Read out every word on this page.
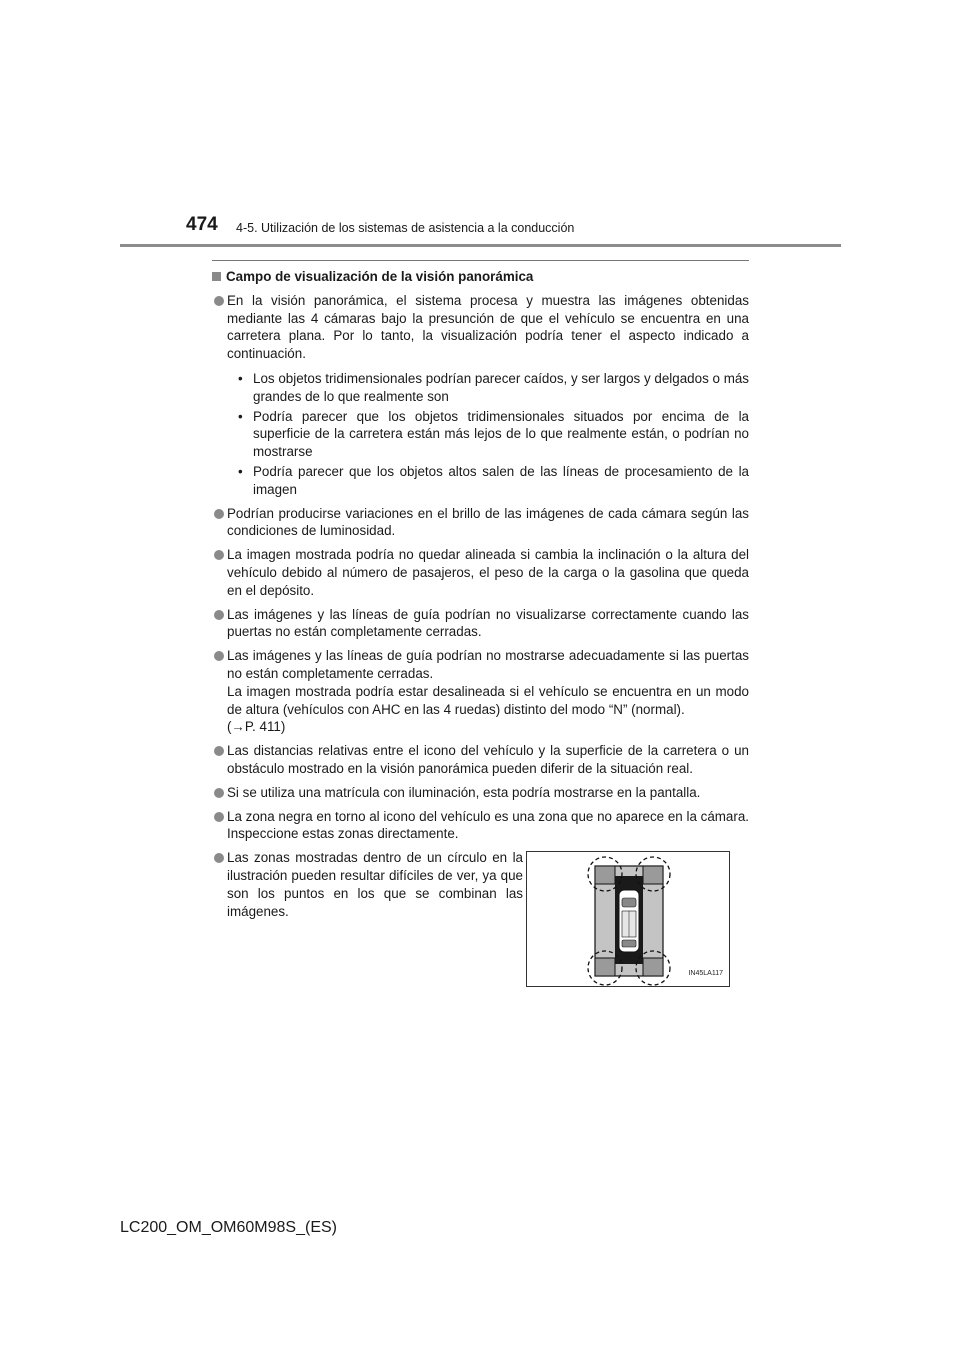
474 4-5. Utilización de los sistemas de asistencia a la conducción
Campo de visualización de la visión panorámica
En la visión panorámica, el sistema procesa y muestra las imágenes obtenidas mediante las 4 cámaras bajo la presunción de que el vehículo se encuentra en una carretera plana. Por lo tanto, la visualización podría tener el aspecto indicado a continuación.
• Los objetos tridimensionales podrían parecer caídos, y ser largos y delgados o más grandes de lo que realmente son
• Podría parecer que los objetos tridimensionales situados por encima de la superficie de la carretera están más lejos de lo que realmente están, o podrían no mostrarse
• Podría parecer que los objetos altos salen de las líneas de procesamiento de la imagen
Podrían producirse variaciones en el brillo de las imágenes de cada cámara según las condiciones de luminosidad.
La imagen mostrada podría no quedar alineada si cambia la inclinación o la altura del vehículo debido al número de pasajeros, el peso de la carga o la gasolina que queda en el depósito.
Las imágenes y las líneas de guía podrían no visualizarse correctamente cuando las puertas no están completamente cerradas.
Las imágenes y las líneas de guía podrían no mostrarse adecuadamente si las puertas no están completamente cerradas.
La imagen mostrada podría estar desalineada si el vehículo se encuentra en un modo de altura (vehículos con AHC en las 4 ruedas) distinto del modo “N” (normal).
(→P. 411)
Las distancias relativas entre el icono del vehículo y la superficie de la carretera o un obstáculo mostrado en la visión panorámica pueden diferir de la situación real.
Si se utiliza una matrícula con iluminación, esta podría mostrarse en la pantalla.
La zona negra en torno al icono del vehículo es una zona que no aparece en la cámara. Inspeccione estas zonas directamente.
Las zonas mostradas dentro de un círculo en la ilustración pueden resultar difíciles de ver, ya que son los puntos en los que se combinan las imágenes.
IN45LA117
LC200_OM_OM60M98S_(ES)
